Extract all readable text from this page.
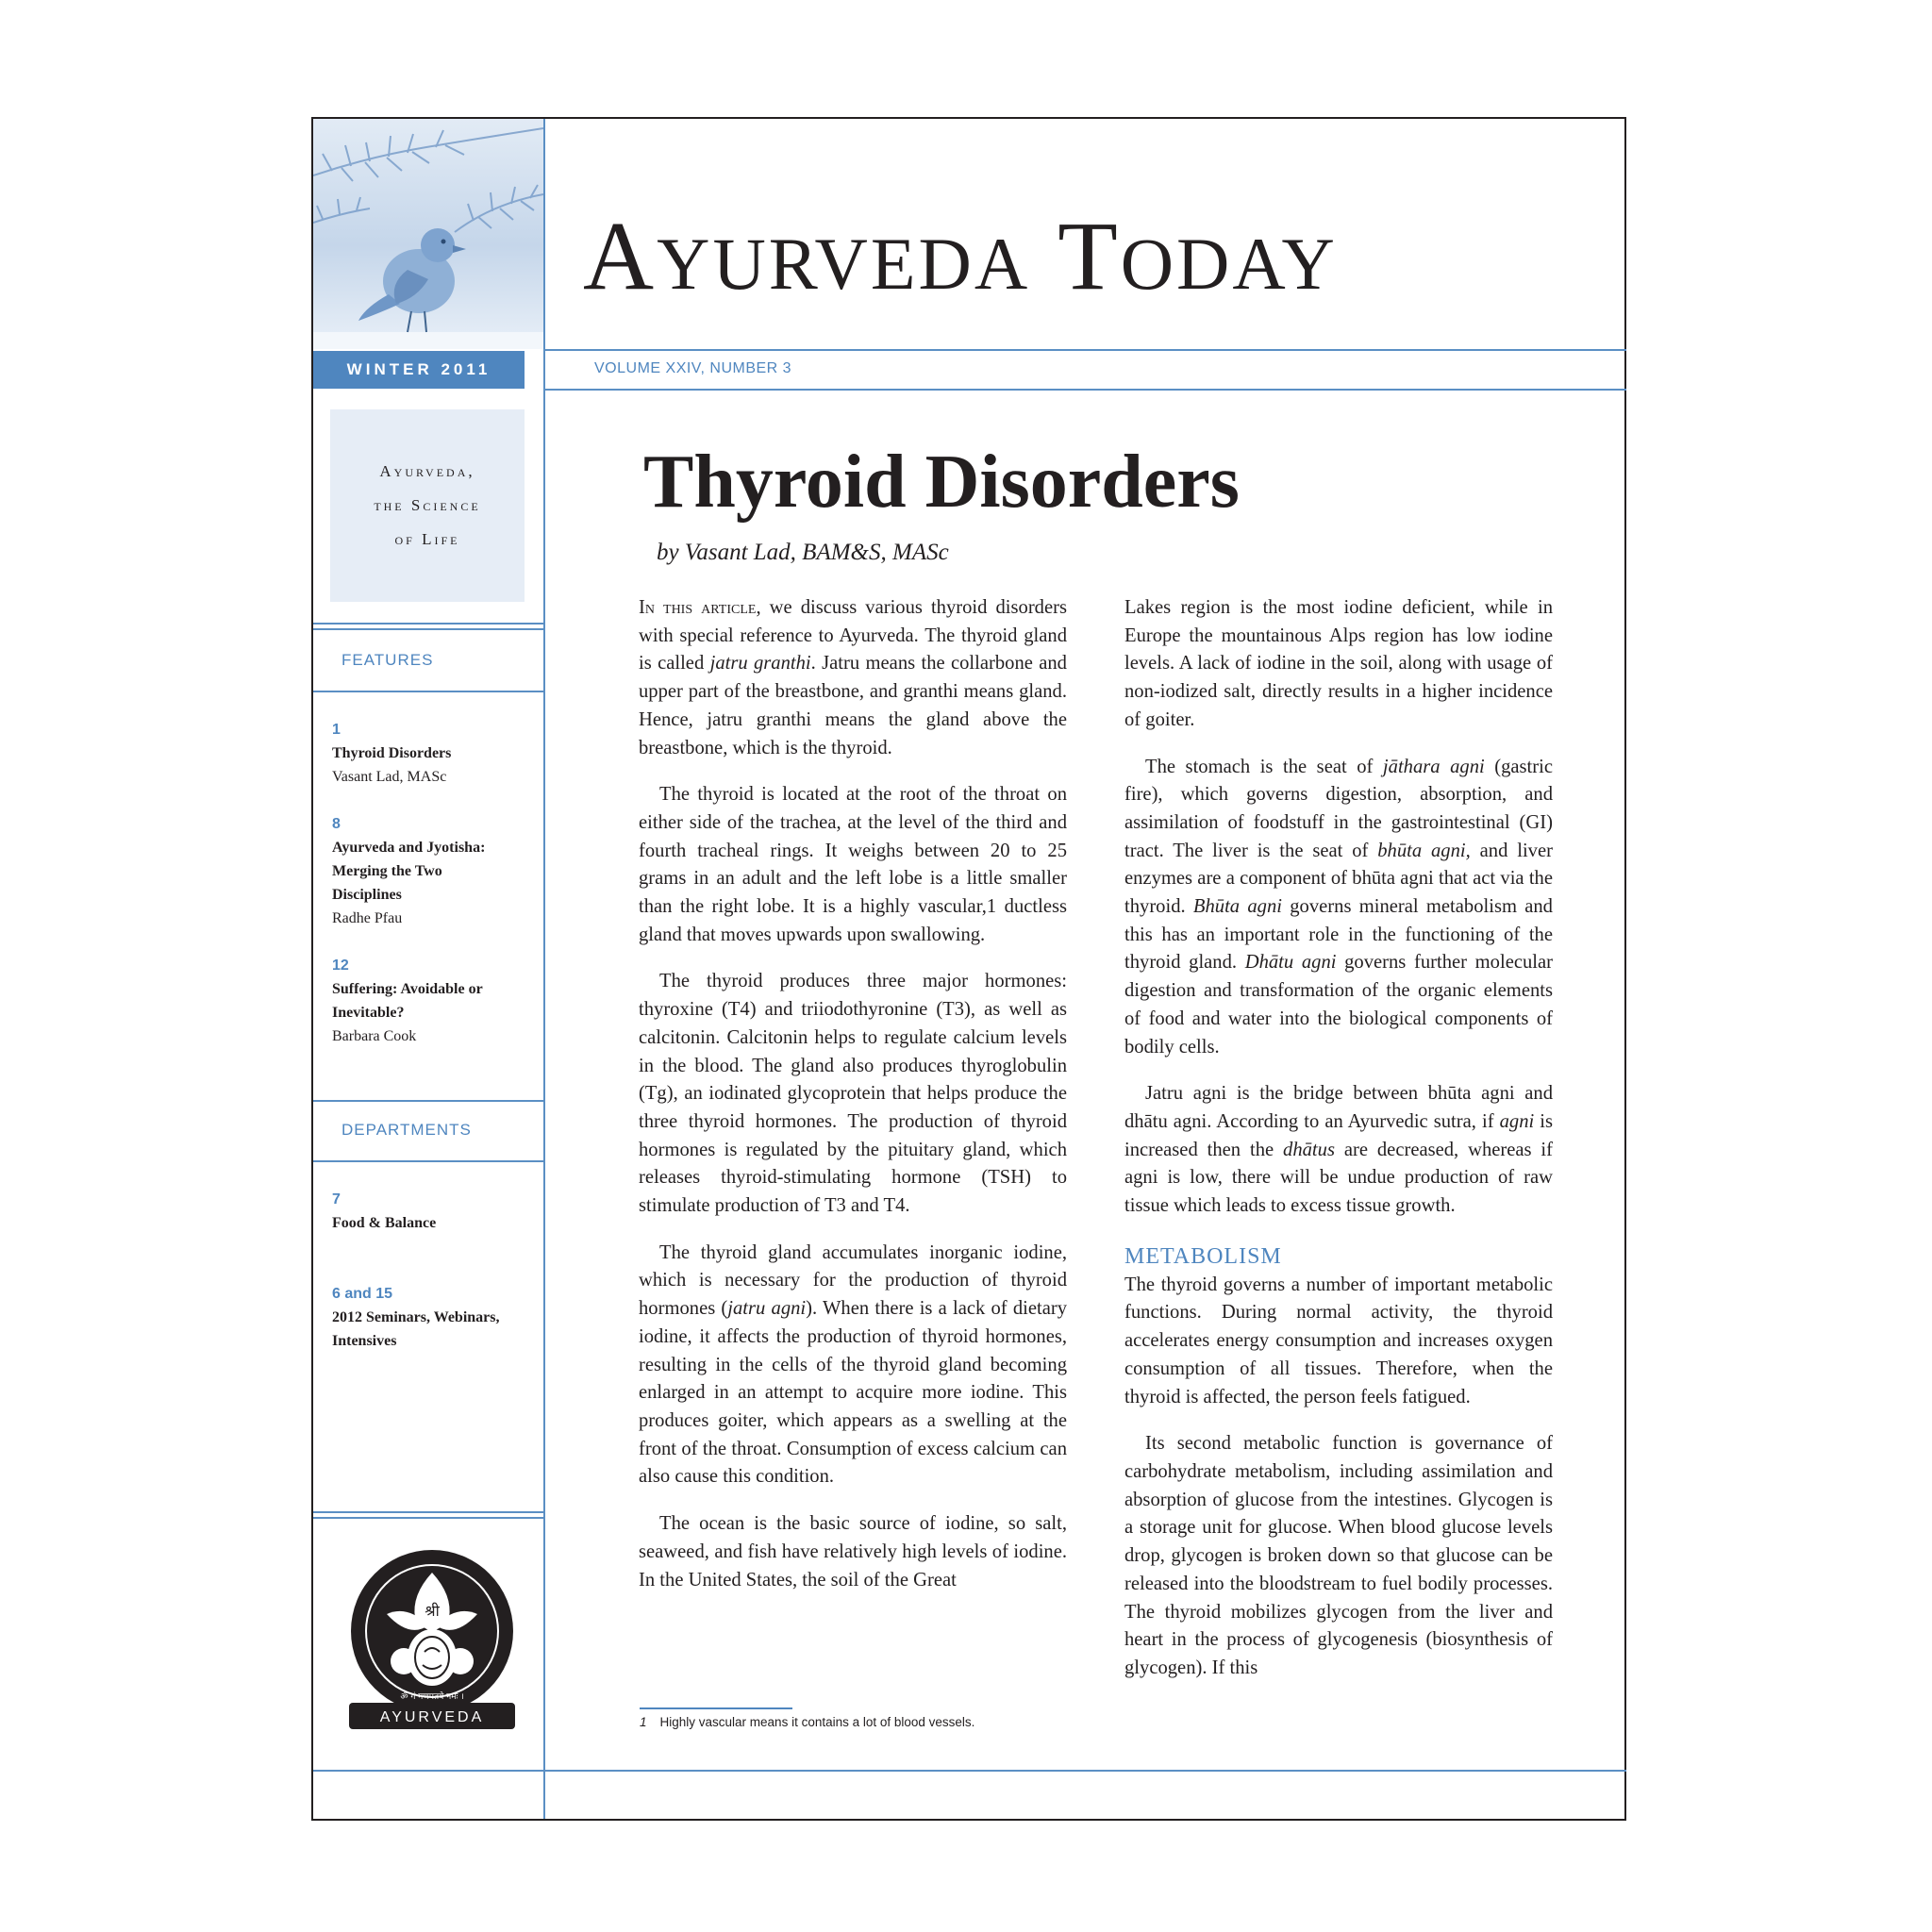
WINTER 2011
Ayurveda,
the Science
of Life
FEATURES
1
Thyroid Disorders
Vasant Lad, MASc
8
Ayurveda and Jyotisha:
Merging the Two
Disciplines
Radhe Pfau
12
Suffering: Avoidable or
Inevitable?
Barbara Cook
DEPARTMENTS
7
Food & Balance
6 and 15
2012 Seminars, Webinars,
Intensives
श्री
ॐ गं गणपतये नमः ।
AYURVEDA
AYURVEDA TODAY
VOLUME XXIV, NUMBER 3
Thyroid Disorders
by Vasant Lad, BAM&S, MASc

In this article, we discuss various thyroid disorders with special reference to Ayurveda. The thyroid gland is called jatru granthi. Jatru means the collarbone and upper part of the breastbone, and granthi means gland. Hence, jatru granthi means the gland above the breastbone, which is the thyroid.

The thyroid is located at the root of the throat on either side of the trachea, at the level of the third and fourth tracheal rings. It weighs between 20 to 25 grams in an adult and the left lobe is a little smaller than the right lobe. It is a highly vascular,1 ductless gland that moves upwards upon swallowing.

The thyroid produces three major hormones: thyroxine (T4) and triiodothyronine (T3), as well as calcitonin. Calcitonin helps to regulate calcium levels in the blood. The gland also produces thyroglobulin (Tg), an iodinated glycoprotein that helps produce the three thyroid hormones. The production of thyroid hormones is regulated by the pituitary gland, which releases thyroid-stimulating hormone (TSH) to stimulate production of T3 and T4.

The thyroid gland accumulates inorganic iodine, which is necessary for the production of thyroid hormones (jatru agni). When there is a lack of dietary iodine, it affects the production of thyroid hormones, resulting in the cells of the thyroid gland becoming enlarged in an attempt to acquire more iodine. This produces goiter, which appears as a swelling at the front of the throat. Consumption of excess calcium can also cause this condition.

The ocean is the basic source of iodine, so salt, seaweed, and fish have relatively high levels of iodine. In the United States, the soil of the Great

Lakes region is the most iodine deficient, while in Europe the mountainous Alps region has low iodine levels. A lack of iodine in the soil, along with usage of non-iodized salt, directly results in a higher incidence of goiter.

The stomach is the seat of jāthara agni (gastric fire), which governs digestion, absorption, and assimilation of foodstuff in the gastrointestinal (GI) tract. The liver is the seat of bhūta agni, and liver enzymes are a component of bhūta agni that act via the thyroid. Bhūta agni governs mineral metabolism and this has an important role in the functioning of the thyroid gland. Dhātu agni governs further molecular digestion and transformation of the organic elements of food and water into the biological components of bodily cells.

Jatru agni is the bridge between bhūta agni and dhātu agni. According to an Ayurvedic sutra, if agni is increased then the dhātus are decreased, whereas if agni is low, there will be undue production of raw tissue which leads to excess tissue growth.

METABOLISM

The thyroid governs a number of important metabolic functions. During normal activity, the thyroid accelerates energy consumption and increases oxygen consumption of all tissues. Therefore, when the thyroid is affected, the person feels fatigued.

Its second metabolic function is governance of carbohydrate metabolism, including assimilation and absorption of glucose from the intestines. Glycogen is a storage unit for glucose. When blood glucose levels drop, glycogen is broken down so that glucose can be released into the bloodstream to fuel bodily processes. The thyroid mobilizes glycogen from the liver and heart in the process of glycogenesis (biosynthesis of glycogen). If this

1 Highly vascular means it contains a lot of blood vessels.
